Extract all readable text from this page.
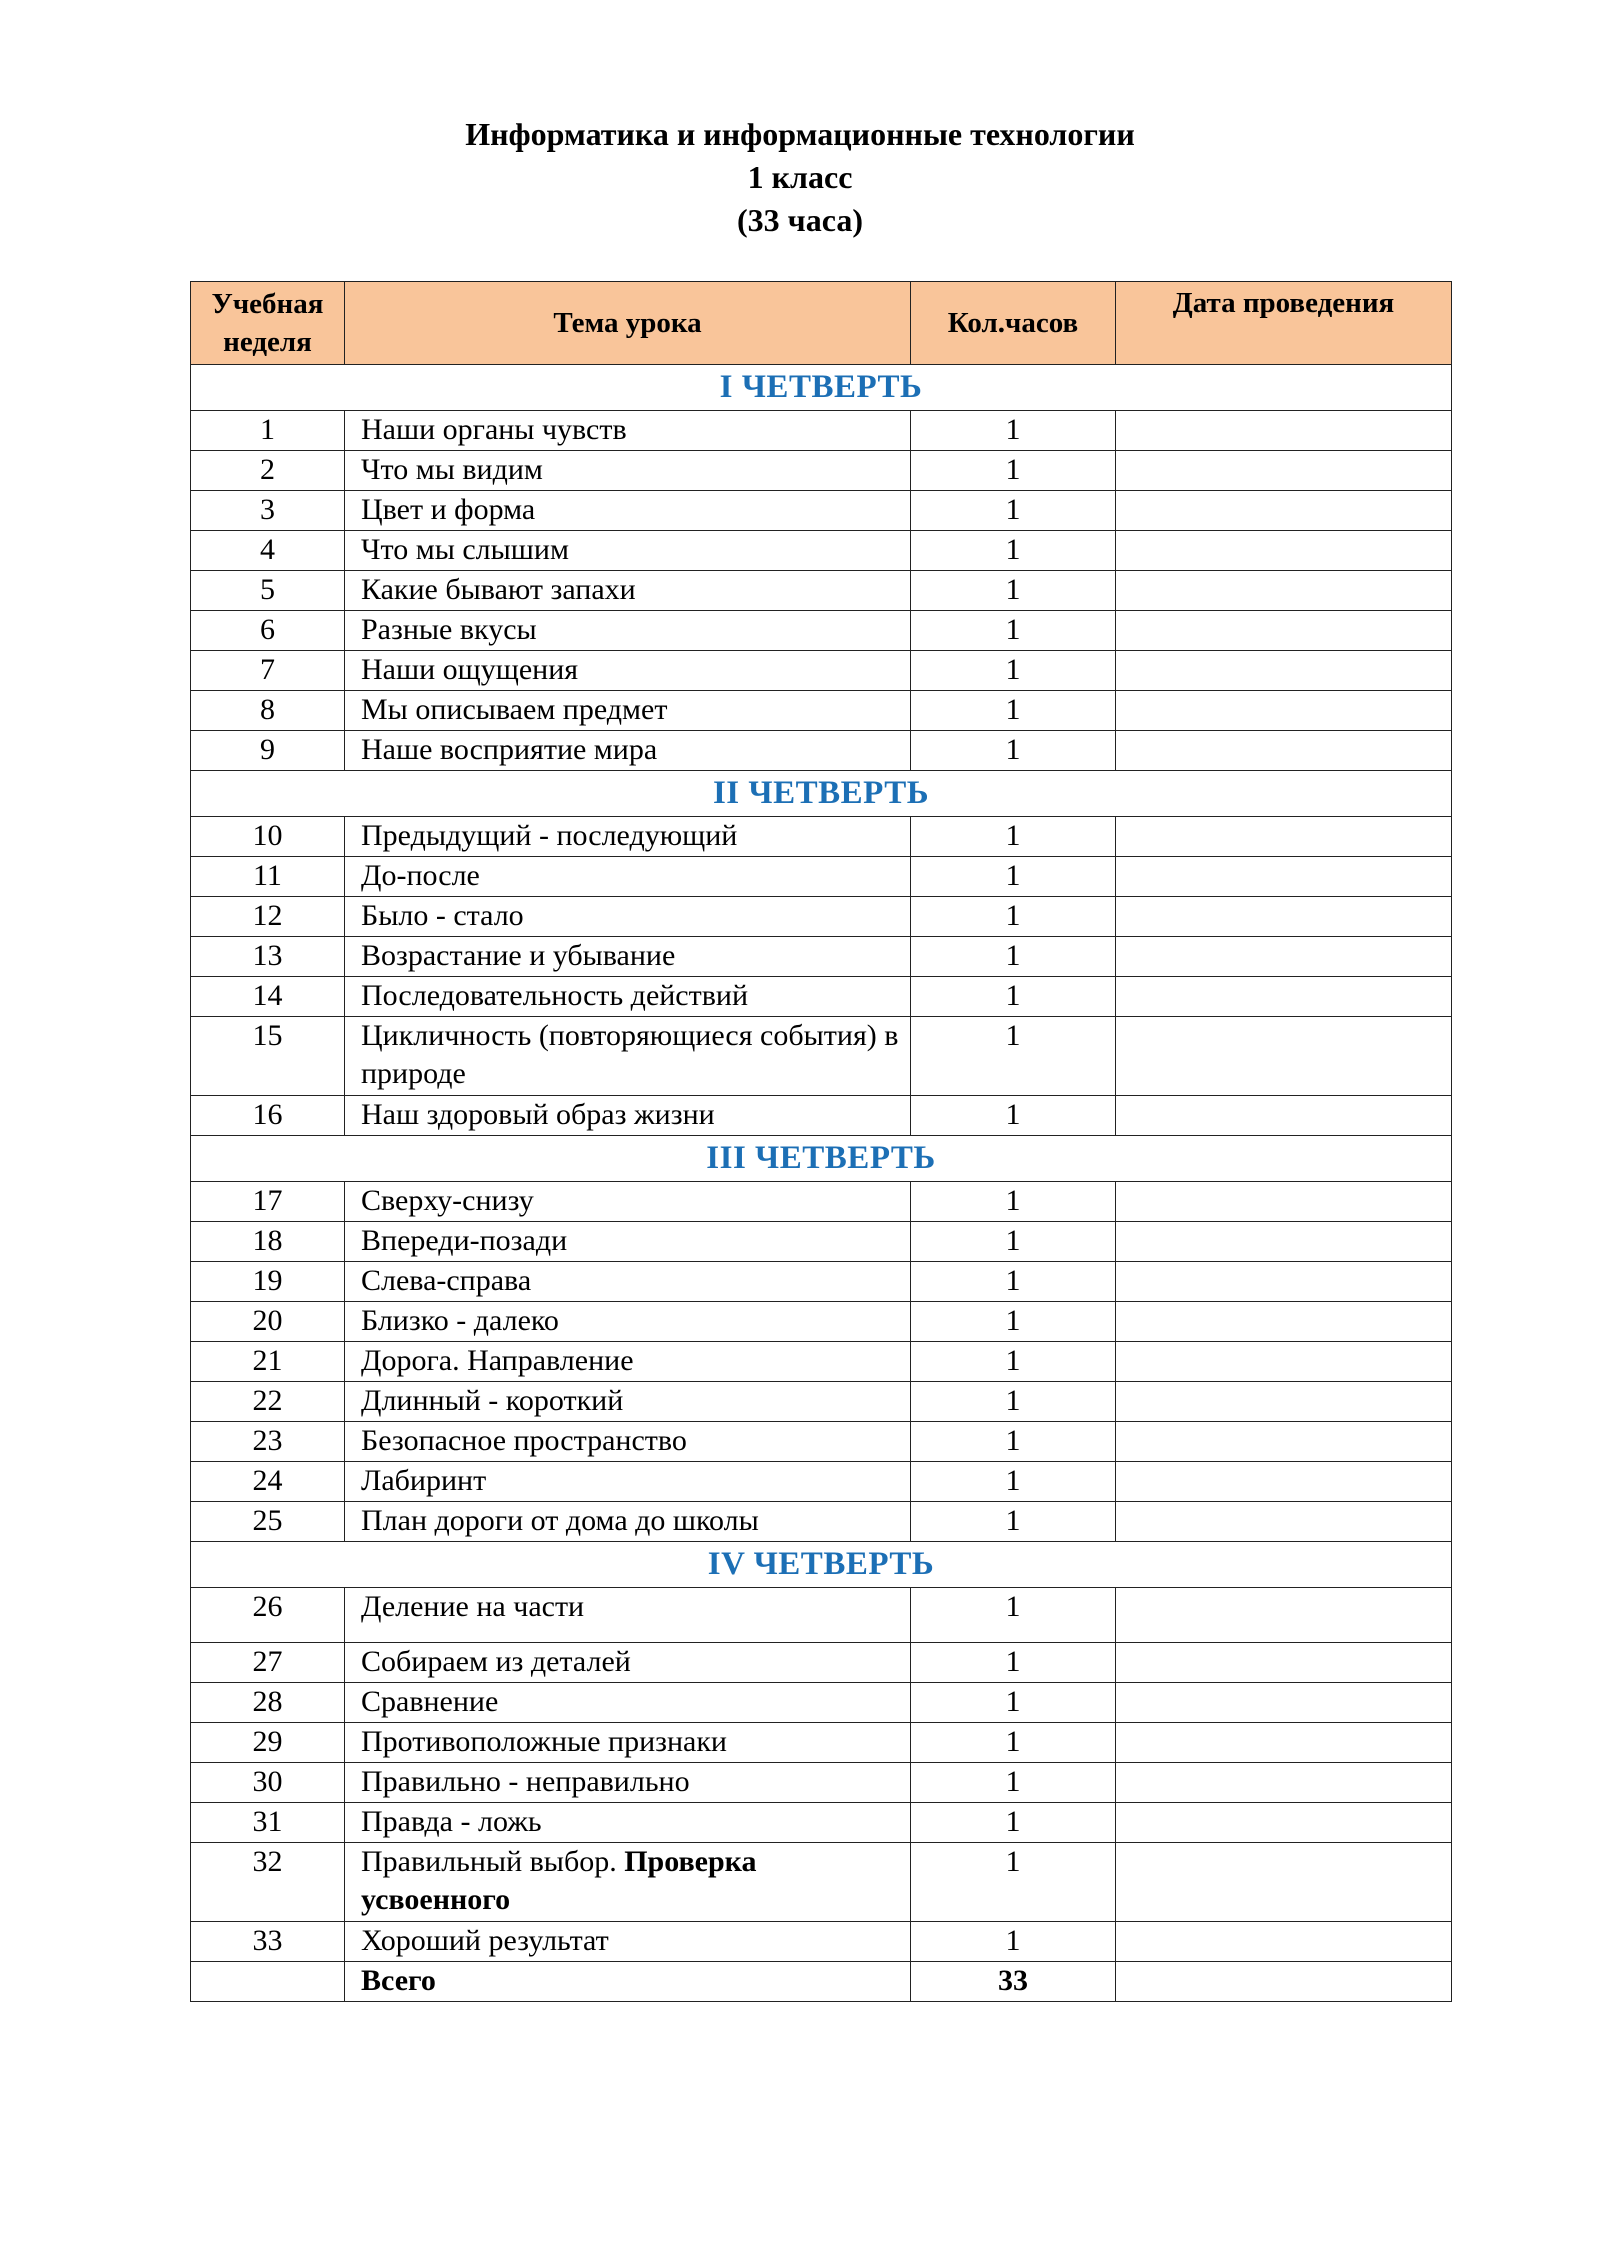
Информатика и информационные технологии
1 класс
(33 часа)
Учебная неделя	Тема урока	Кол.часов	Дата проведения
I ЧЕТВЕРТЬ			
1	Наши органы чувств	1	
2	Что мы видим	1	
3	Цвет и форма	1	
4	Что мы слышим	1	
5	Какие бывают запахи	1	
6	Разные вкусы	1	
7	Наши ощущения	1	
8	Мы описываем предмет	1	
9	Наше восприятие мира	1	
II ЧЕТВЕРТЬ			
10	Предыдущий - последующий	1	
11	До-после	1	
12	Было - стало	1	
13	Возрастание и убывание	1	
14	Последовательность действий	1	
15	Цикличность (повторяющиеся события) в природе	1	
16	Наш здоровый образ жизни	1	
III ЧЕТВЕРТЬ			
17	Сверху-снизу	1	
18	Впереди-позади	1	
19	Слева-справа	1	
20	Близко - далеко	1	
21	Дорога. Направление	1	
22	Длинный - короткий	1	
23	Безопасное пространство	1	
24	Лабиринт	1	
25	План дороги от дома до школы	1	
IV ЧЕТВЕРТЬ			
26	Деление на части	1	
27	Собираем из деталей	1	
28	Сравнение	1	
29	Противоположные признаки	1	
30	Правильно - неправильно	1	
31	Правда - ложь	1	
32	Правильный выбор. Проверка усвоенного	1	
33	Хороший результат	1	
	Всего	33	
